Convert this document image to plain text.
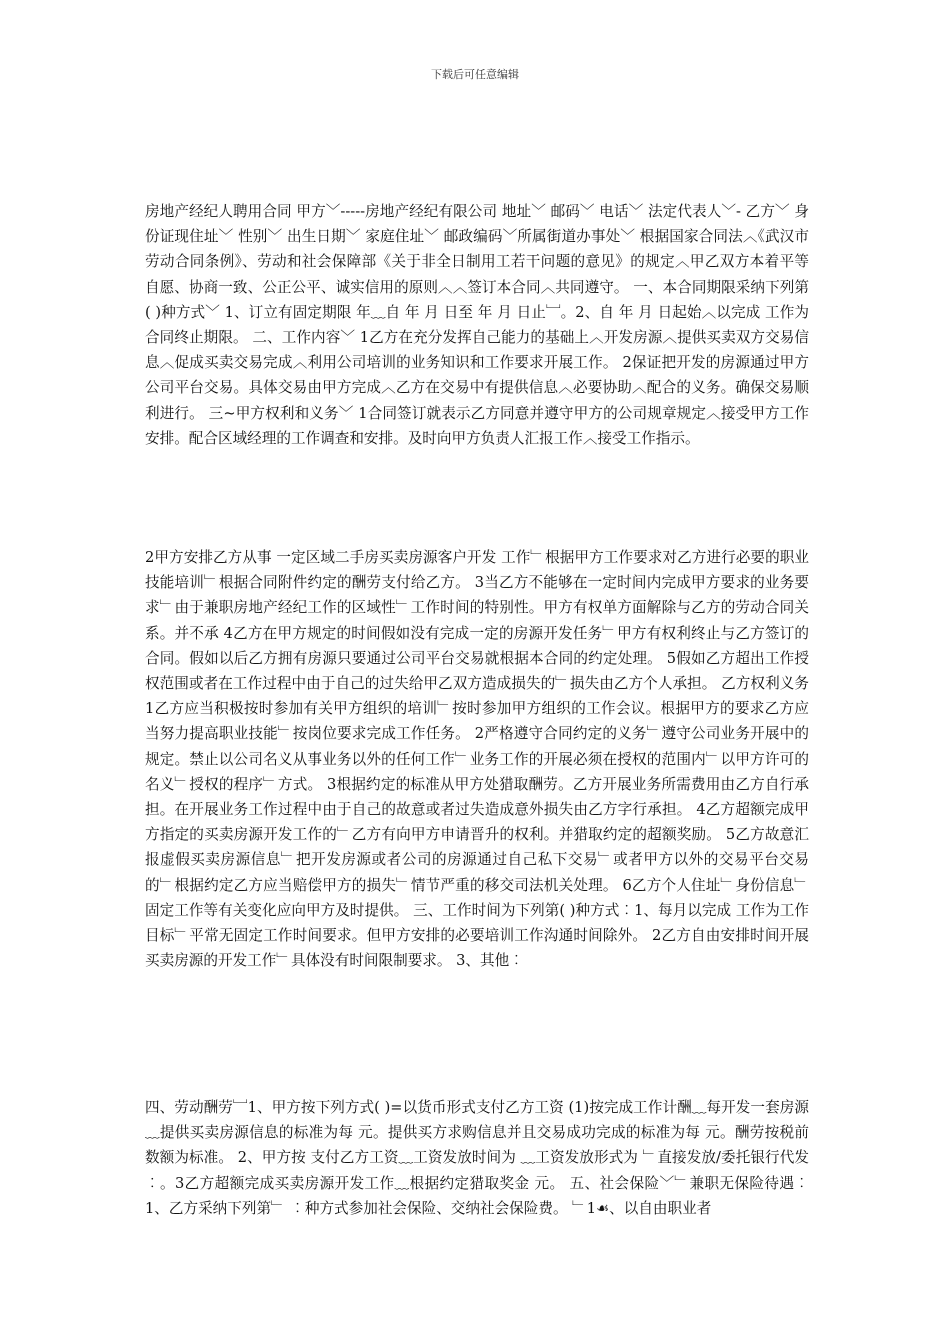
下载后可任意编辑

房地产经纪人聘用合同 甲方﹀-----房地产经纪有限公司 地址﹀ 邮码﹀ 电话﹀ 法定代表人﹀- 乙方﹀ 身份证现住址﹀ 性别﹀ 出生日期﹀ 家庭住址﹀ 邮政编码﹀所属街道办事处﹀ 根据国家合同法︿《武汉市劳动合同条例》、劳动和社会保障部《关于非全日制用工若干问题的意见》的规定︿甲乙双方本着平等自愿、协商一致、公正公平、诚实信用的原则︿︿签订本合同︿共同遵守。 一、本合同期限采纳下列第( )种方式﹀ 1、订立有固定期限 年﹏自 年 月 日至 年 月 日止﹈。2、自 年 月 日起始︿以完成 工作为合同终止期限。 二、工作内容﹀ 1乙方在充分发挥自己能力的基础上︿开发房源︿提供买卖双方交易信息︿促成买卖交易完成︿利用公司培训的业务知识和工作要求开展工作。 2保证把开发的房源通过甲方公司平台交易。具体交易由甲方完成︿乙方在交易中有提供信息︿必要协助︿配合的义务。确保交易顺利进行。 三~甲方权利和义务﹀ 1合同签订就表示乙方同意并遵守甲方的公司规章规定︿接受甲方工作安排。配合区域经理的工作调查和安排。及时向甲方负责人汇报工作︿接受工作指示。

2甲方安排乙方从事 一定区域二手房买卖房源客户开发 工作﹂根据甲方工作要求对乙方进行必要的职业技能培训﹂根据合同附件约定的酬劳支付给乙方。 3当乙方不能够在一定时间内完成甲方要求的业务要求﹂由于兼职房地产经纪工作的区域性﹂工作时间的特别性。甲方有权单方面解除与乙方的劳动合同关系。并不承 4乙方在甲方规定的时间假如没有完成一定的房源开发任务﹂甲方有权利终止与乙方签订的合同。假如以后乙方拥有房源只要通过公司平台交易就根据本合同的约定处理。 5假如乙方超出工作授权范围或者在工作过程中由于自己的过失给甲乙双方造成损失的﹂损失由乙方个人承担。 乙方权利义务1乙方应当积极按时参加有关甲方组织的培训﹂按时参加甲方组织的工作会议。根据甲方的要求乙方应当努力提高职业技能﹂按岗位要求完成工作任务。 2严格遵守合同约定的义务﹂遵守公司业务开展中的规定。禁止以公司名义从事业务以外的任何工作﹂业务工作的开展必须在授权的范围内﹂以甲方许可的名义﹂授权的程序﹂方式。 3根据约定的标准从甲方处猎取酬劳。乙方开展业务所需费用由乙方自行承担。在开展业务工作过程中由于自己的故意或者过失造成意外损失由乙方字行承担。 4乙方超额完成甲方指定的买卖房源开发工作的﹂乙方有向甲方申请晋升的权利。并猎取约定的超额奖励。 5乙方故意汇报虚假买卖房源信息﹂把开发房源或者公司的房源通过自己私下交易﹂或者甲方以外的交易平台交易的﹂根据约定乙方应当赔偿甲方的损失﹂情节严重的移交司法机关处理。 6乙方个人住址﹂身份信息﹂固定工作等有关变化应向甲方及时提供。 三、工作时间为下列第( )种方式︰1、每月以完成 工作为工作目标﹂平常无固定工作时间要求。但甲方安排的必要培训工作沟通时间除外。 2乙方自由安排时间开展买卖房源的开发工作﹂具体没有时间限制要求。 3、其他︰

四、劳动酬劳﹈1、甲方按下列方式( )=以货币形式支付乙方工资 (1)按完成工作计酬﹏每开发一套房源﹏提供买卖房源信息的标准为每 元。提供买方求购信息并且交易成功完成的标准为每 元。酬劳按税前数额为标准。 2、甲方按 支付乙方工资﹏工资发放时间为 ﹏工资发放形式为 ﹂直接发放/委托银行代发︰。3乙方超额完成买卖房源开发工作﹏根据约定猎取奖金 元。 五、社会保险﹀﹂兼职无保险待遇︰1、乙方采纳下列第﹂ ︰种方式参加社会保险、交纳社会保险费。 ﹂1☙、以自由职业者
